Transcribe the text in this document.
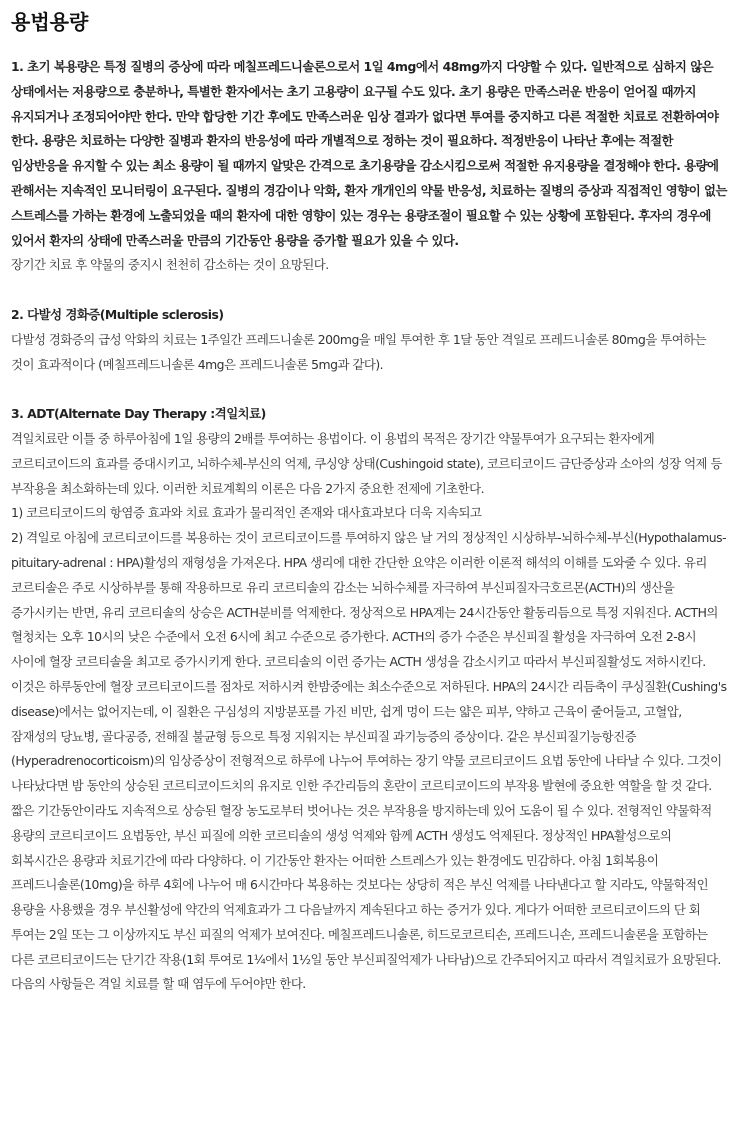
용법용량

1. 초기 복용량은 특정 질병의 증상에 따라 메칠프레드니솔론으로서 1일 4mg에서 48mg까지 다양할 수 있다. 일반적으로 심하지 않은 상태에서는 저용량으로 충분하나, 특별한 환자에서는 초기 고용량이 요구될 수도 있다. 초기 용량은 만족스러운 반응이 얻어질 때까지 유지되거나 조정되어야만 한다. 만약 합당한 기간 후에도 만족스러운 임상 결과가 없다면 투여를 중지하고 다른 적절한 치료로 전환하여야 한다. 용량은 치료하는 다양한 질병과 환자의 반응성에 따라 개별적으로 정하는 것이 필요하다. 적정반응이 나타난 후에는 적절한 임상반응을 유지할 수 있는 최소 용량이 될 때까지 알맞은 간격으로 초기용량을 감소시킴으로써 적절한 유지용량을 결정해야 한다. 용량에 관해서는 지속적인 모니터링이 요구된다. 질병의 경감이나 악화, 환자 개개인의 약물 반응성, 치료하는 질병의 증상과 직접적인 영향이 없는 스트레스를 가하는 환경에 노출되었을 때의 환자에 대한 영향이 있는 경우는 용량조절이 필요할 수 있는 상황에 포함된다. 후자의 경우에 있어서 환자의 상태에 만족스러울 만큼의 기간동안 용량을 증가할 필요가 있을 수 있다.

장기간 치료 후 약물의 중지시 천천히 감소하는 것이 요망된다.

2. 다발성 경화증(Multiple sclerosis)

다발성 경화증의 급성 악화의 치료는 1주일간 프레드니솔론 200mg을 매일 투여한 후 1달 동안 격일로 프레드니솔론 80mg을 투여하는 것이 효과적이다 (메칠프레드니솔론 4mg은 프레드니솔론 5mg과 같다).

3. ADT(Alternate Day Therapy :격일치료)

격일치료란 이틀 중 하루아침에 1일 용량의 2배를 투여하는 용법이다. 이 용법의 목적은 장기간 약물투여가 요구되는 환자에게 코르티코이드의 효과를 증대시키고, 뇌하수체-부신의 억제, 쿠싱양 상태(Cushingoid state), 코르티코이드 금단증상과 소아의 성장 억제 등 부작용을 최소화하는데 있다. 이러한 치료계획의 이론은 다음 2가지 중요한 전제에 기초한다.

1) 코르티코이드의 항염증 효과와 치료 효과가 물리적인 존재와 대사효과보다 더욱 지속되고

2) 격일로 아침에 코르티코이드를 복용하는 것이 코르티코이드를 투여하지 않은 날 거의 정상적인 시상하부-뇌하수체-부신(Hypothalamus-pituitary-adrenal : HPA)활성의 재형성을 가져온다. HPA 생리에 대한 간단한 요약은 이러한 이론적 해석의 이해를 도와줄 수 있다. 유리 코르티솔은 주로 시상하부를 통해 작용하므로 유리 코르티솔의 감소는 뇌하수체를 자극하여 부신피질자극호르몬(ACTH)의 생산을 증가시키는 반면, 유리 코르티솔의 상승은 ACTH분비를 억제한다. 정상적으로 HPA계는 24시간동안 활동리듬으로 특정 지워진다. ACTH의 혈청치는 오후 10시의 낮은 수준에서 오전 6시에 최고 수준으로 증가한다. ACTH의 증가 수준은 부신피질 활성을 자극하여 오전 2-8시 사이에 혈장 코르티솔을 최고로 증가시키게 한다. 코르티솔의 이런 증가는 ACTH 생성을 감소시키고 따라서 부신피질활성도 저하시킨다. 이것은 하루동안에 혈장 코르티코이드를 점차로 저하시켜 한밤중에는 최소수준으로 저하된다. HPA의 24시간 리듬축이 쿠싱질환(Cushing's disease)에서는 없어지는데, 이 질환은 구심성의 지방분포를 가진 비만, 쉽게 멍이 드는 얇은 피부, 약하고 근육이 줄어들고, 고혈압, 잠재성의 당뇨병, 골다공증, 전해질 불균형 등으로 특정 지워지는 부신피질 과기능증의 증상이다. 같은 부신피질기능항진증(Hyperadrenocorticoism)의 임상증상이 전형적으로 하루에 나누어 투여하는 장기 약물 코르티코이드 요법 동안에 나타날 수 있다. 그것이 나타났다면 밤 동안의 상승된 코르티코이드치의 유지로 인한 주간리듬의 혼란이 코르티코이드의 부작용 발현에 중요한 역할을 할 것 같다.

짧은 기간동안이라도 지속적으로 상승된 혈장 농도로부터 벗어나는 것은 부작용을 방지하는데 있어 도움이 될 수 있다. 전형적인 약물학적 용량의 코르티코이드 요법동안, 부신 피질에 의한 코르티솔의 생성 억제와 함께 ACTH 생성도 억제된다. 정상적인 HPA활성으로의 회복시간은 용량과 치료기간에 따라 다양하다. 이 기간동안 환자는 어떠한 스트레스가 있는 환경에도 민감하다. 아침 1회복용이 프레드니솔론(10mg)을 하루 4회에 나누어 매 6시간마다 복용하는 것보다는 상당히 적은 부신 억제를 나타낸다고 할 지라도, 약물학적인 용량을 사용했을 경우 부신활성에 약간의 억제효과가 그 다음날까지 계속된다고 하는 증거가 있다. 게다가 어떠한 코르티코이드의 단 회 투여는 2일 또는 그 이상까지도 부신 피질의 억제가 보여진다. 메칠프레드니솔론, 히드로코르티손, 프레드니손, 프레드니솔론을 포함하는 다른 코르티코이드는 단기간 작용(1회 투여로 1¼에서 1½일 동안 부신피질억제가 나타남)으로 간주되어지고 따라서 격일치료가 요망된다.

다음의 사항들은 격일 치료를 할 때 염두에 두어야만 한다.
